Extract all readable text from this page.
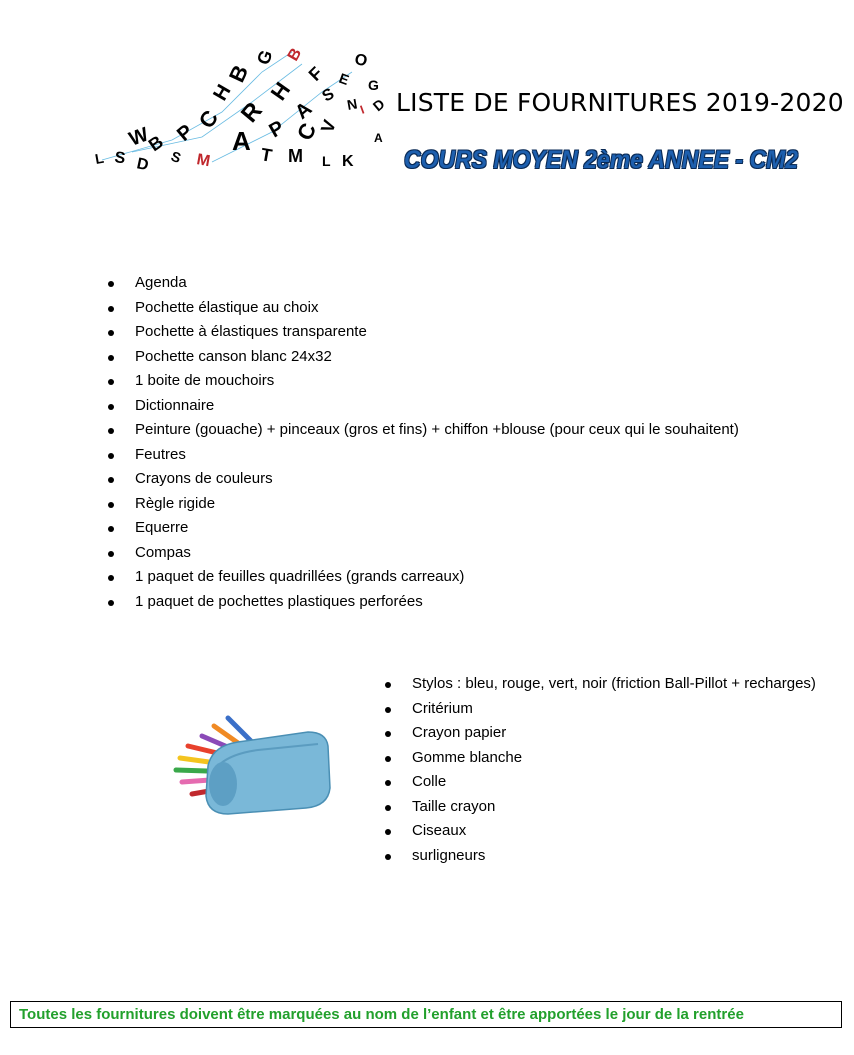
L S
W
D
B
S
P
M
C
H
A
B
R
T
G
P
H
M
B
A
C
F
L
S
V
E
K
N
O
I
G
A
D LISTE DE FOURNITURES 2019-2020
COURS MOYEN 2ème ANNEE - CM2
Agenda
Pochette élastique au choix
Pochette à élastiques transparente
Pochette canson blanc 24x32
1 boite de mouchoirs
Dictionnaire
Peinture (gouache) + pinceaux (gros et fins) + chiffon +blouse (pour ceux qui le souhaitent)
Feutres
Crayons de couleurs
Règle rigide
Equerre
Compas
1 paquet de feuilles quadrillées (grands carreaux)
1 paquet de pochettes plastiques perforées
Stylos : bleu, rouge, vert, noir (friction Ball-Pillot + recharges)
Critérium
Crayon papier
Gomme blanche
Colle
Taille crayon
Ciseaux
surligneurs
Toutes les fournitures doivent être marquées au nom de l’enfant et être apportées le jour de la rentrée
